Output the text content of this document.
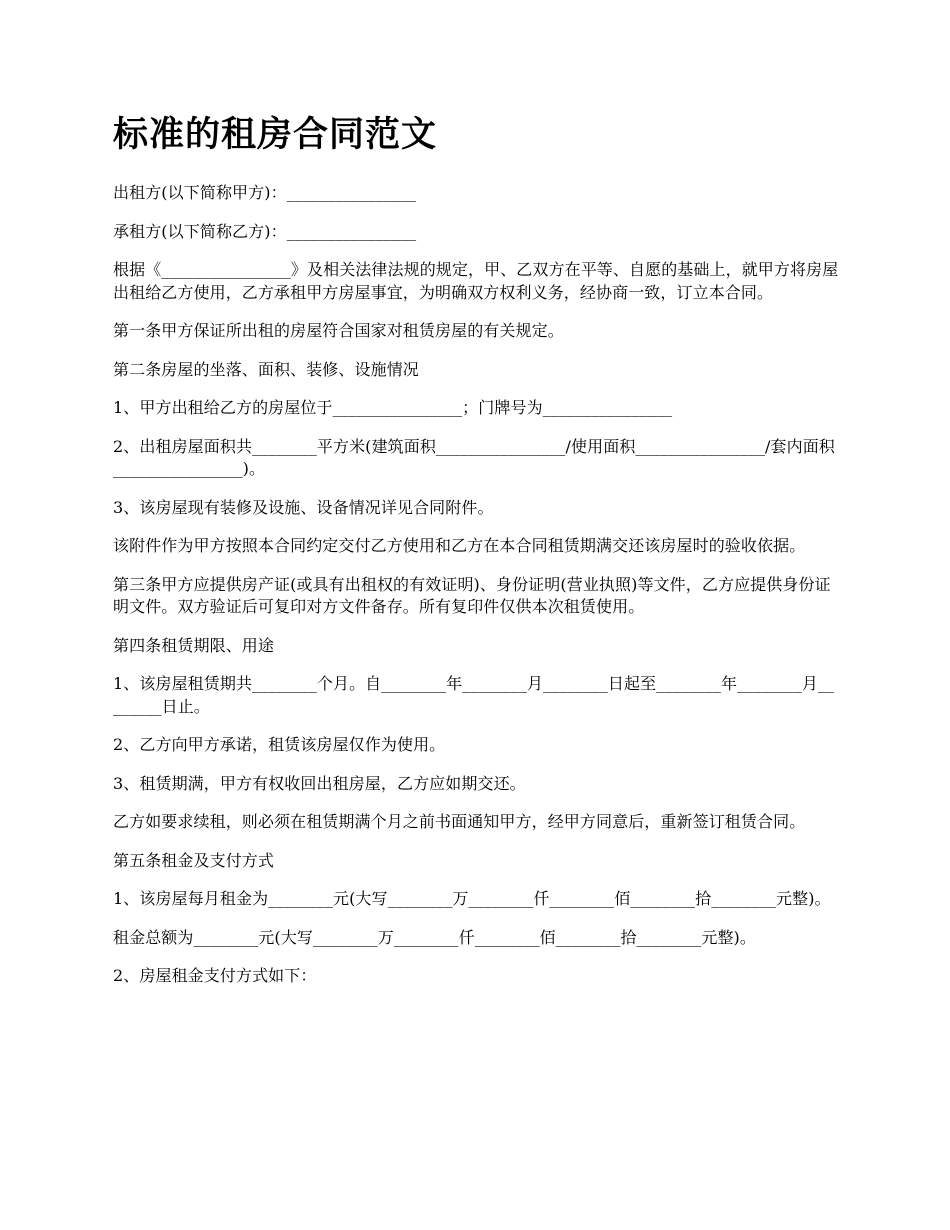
标准的租房合同范文

出租方(以下简称甲方)：________________

承租方(以下简称乙方)：________________

根据《________________》及相关法律法规的规定，甲、乙双方在平等、自愿的基础上，就甲方将房屋出租给乙方使用，乙方承租甲方房屋事宜，为明确双方权利义务，经协商一致，订立本合同。

第一条甲方保证所出租的房屋符合国家对租赁房屋的有关规定。

第二条房屋的坐落、面积、装修、设施情况

1、甲方出租给乙方的房屋位于________________；门牌号为________________

2、出租房屋面积共________平方米(建筑面积________________/使用面积________________/套内面积________________)。

3、该房屋现有装修及设施、设备情况详见合同附件。

该附件作为甲方按照本合同约定交付乙方使用和乙方在本合同租赁期满交还该房屋时的验收依据。

第三条甲方应提供房产证(或具有出租权的有效证明)、身份证明(营业执照)等文件，乙方应提供身份证明文件。双方验证后可复印对方文件备存。所有复印件仅供本次租赁使用。

第四条租赁期限、用途

1、该房屋租赁期共________个月。自________年________月________日起至________年________月________日止。

2、乙方向甲方承诺，租赁该房屋仅作为使用。

3、租赁期满，甲方有权收回出租房屋，乙方应如期交还。

乙方如要求续租，则必须在租赁期满个月之前书面通知甲方，经甲方同意后，重新签订租赁合同。

第五条租金及支付方式

1、该房屋每月租金为________元(大写________万________仟________佰________拾________元整)。

租金总额为________元(大写________万________仟________佰________拾________元整)。

2、房屋租金支付方式如下：
